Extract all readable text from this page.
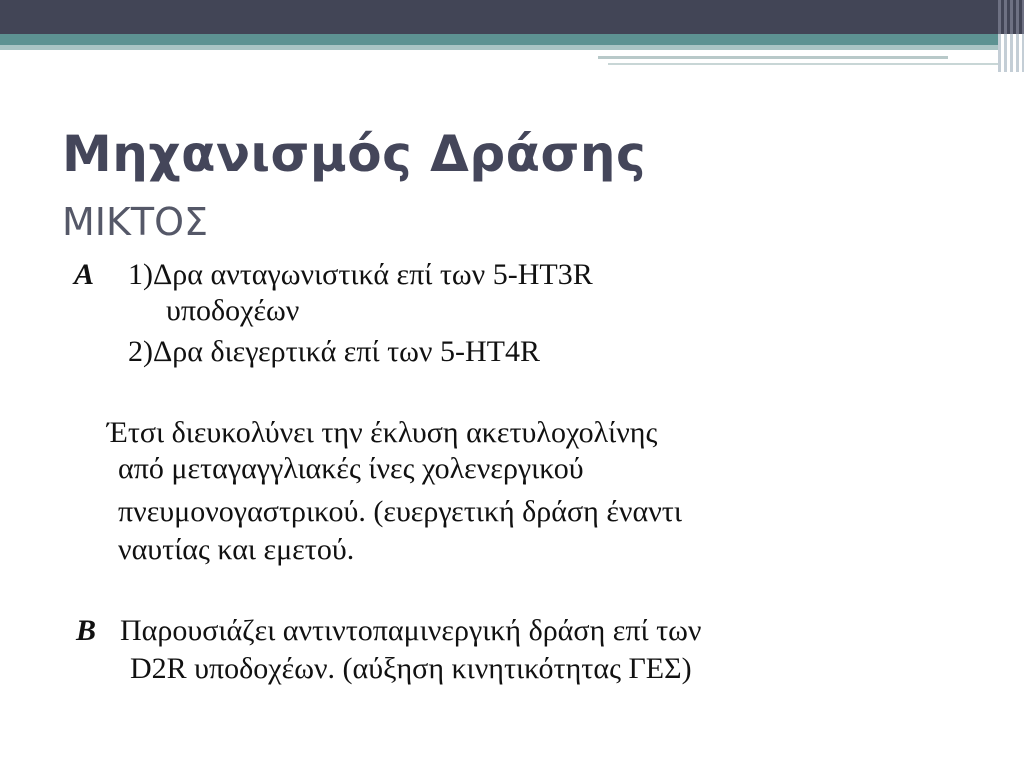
Μηχανισμός Δράσης
ΜΙΚΤΟΣ
Α 1)Δρα ανταγωνιστικά επί των 5-ΗΤ3R
υποδοχέων
2)Δρα διεγερτικά επί των 5-ΗΤ4R
Έτσι διευκολύνει την έκλυση ακετυλοχολίνης
από μεταγαγγλιακές ίνες χολενεργικού
πνευμονογαστρικού. (ευεργετική δράση έναντι
ναυτίας και εμετού.
Β Παρουσιάζει αντιντοπαμινεργική δράση επί των
D2R υποδοχέων. (αύξηση κινητικότητας ΓΕΣ)
